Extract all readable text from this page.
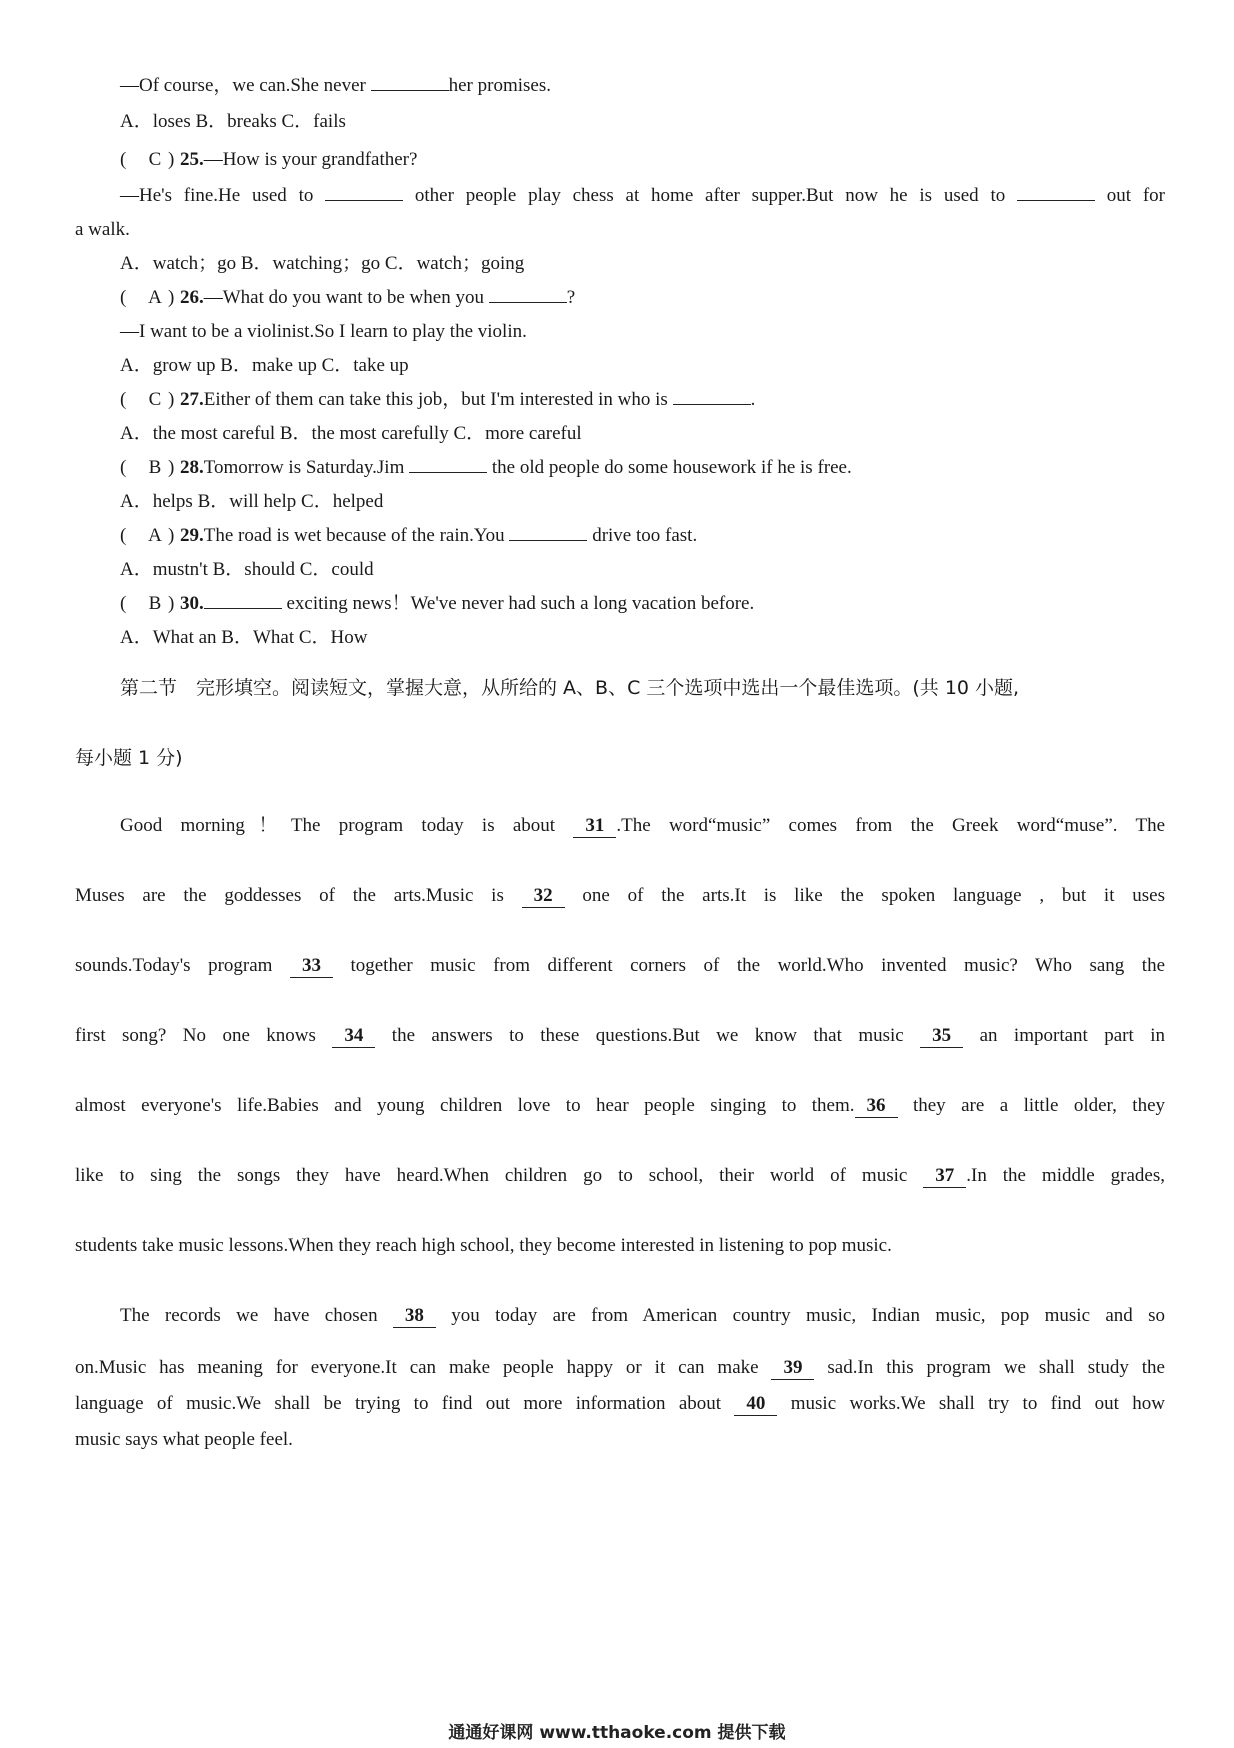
—Of course，we can.She never	her promises.
A．loses B．breaks C．fails
( C ) 25.—How is your grandfather?
—He's fine.He used to	other people play chess at home after supper.But now he is used to	out for
a walk.
A．watch；go B．watching；go C．watch；going
( A ) 26.—What do you want to be when you	?
—I want to be a violinist.So I learn to play the violin.
A．grow up B．make up C．take up
( C ) 27.Either of them can take this job，but I'm interested in who is	.
A．the most careful B．the most carefully C．more careful
( B ) 28.Tomorrow is Saturday.Jim	the old people do some housework if he is free.
A．helps B．will help C．helped
( A ) 29.The road is wet because of the rain.You	drive too fast.
A．mustn't B．should C．could
( B ) 30.	exciting news！We've never had such a long vacation before.
A．What an B．What C．How
第二节　完形填空。阅读短文，掌握大意，从所给的 A、B、C 三个选项中选出一个最佳选项。(共 10 小题,
每小题 1 分)
Good morning！The program today is about 31 .The word“music” comes from the Greek word“muse”. The
Muses are the goddesses of the arts.Music is 32 one of the arts.It is like the spoken language , but it uses
sounds.Today's program 33 together music from different corners of the world.Who invented music? Who sang the
first song? No one knows 34 the answers to these questions.But we know that music 35 an important part in
almost everyone's life.Babies and young children love to hear people singing to them. 36 they are a little older, they
like to sing the songs they have heard.When children go to school, their world of music 37 .In the middle grades,
students take music lessons.When they reach high school, they become interested in listening to pop music.
The records we have chosen 38 you today are from American country music, Indian music, pop music and so
on.Music has meaning for everyone.It can make people happy or it can make 39 sad.In this program we shall study the
language of music.We shall be trying to find out more information about 40 music works.We shall try to find out how
music says what people feel.
通通好课网 www.tthaoke.com 提供下载
